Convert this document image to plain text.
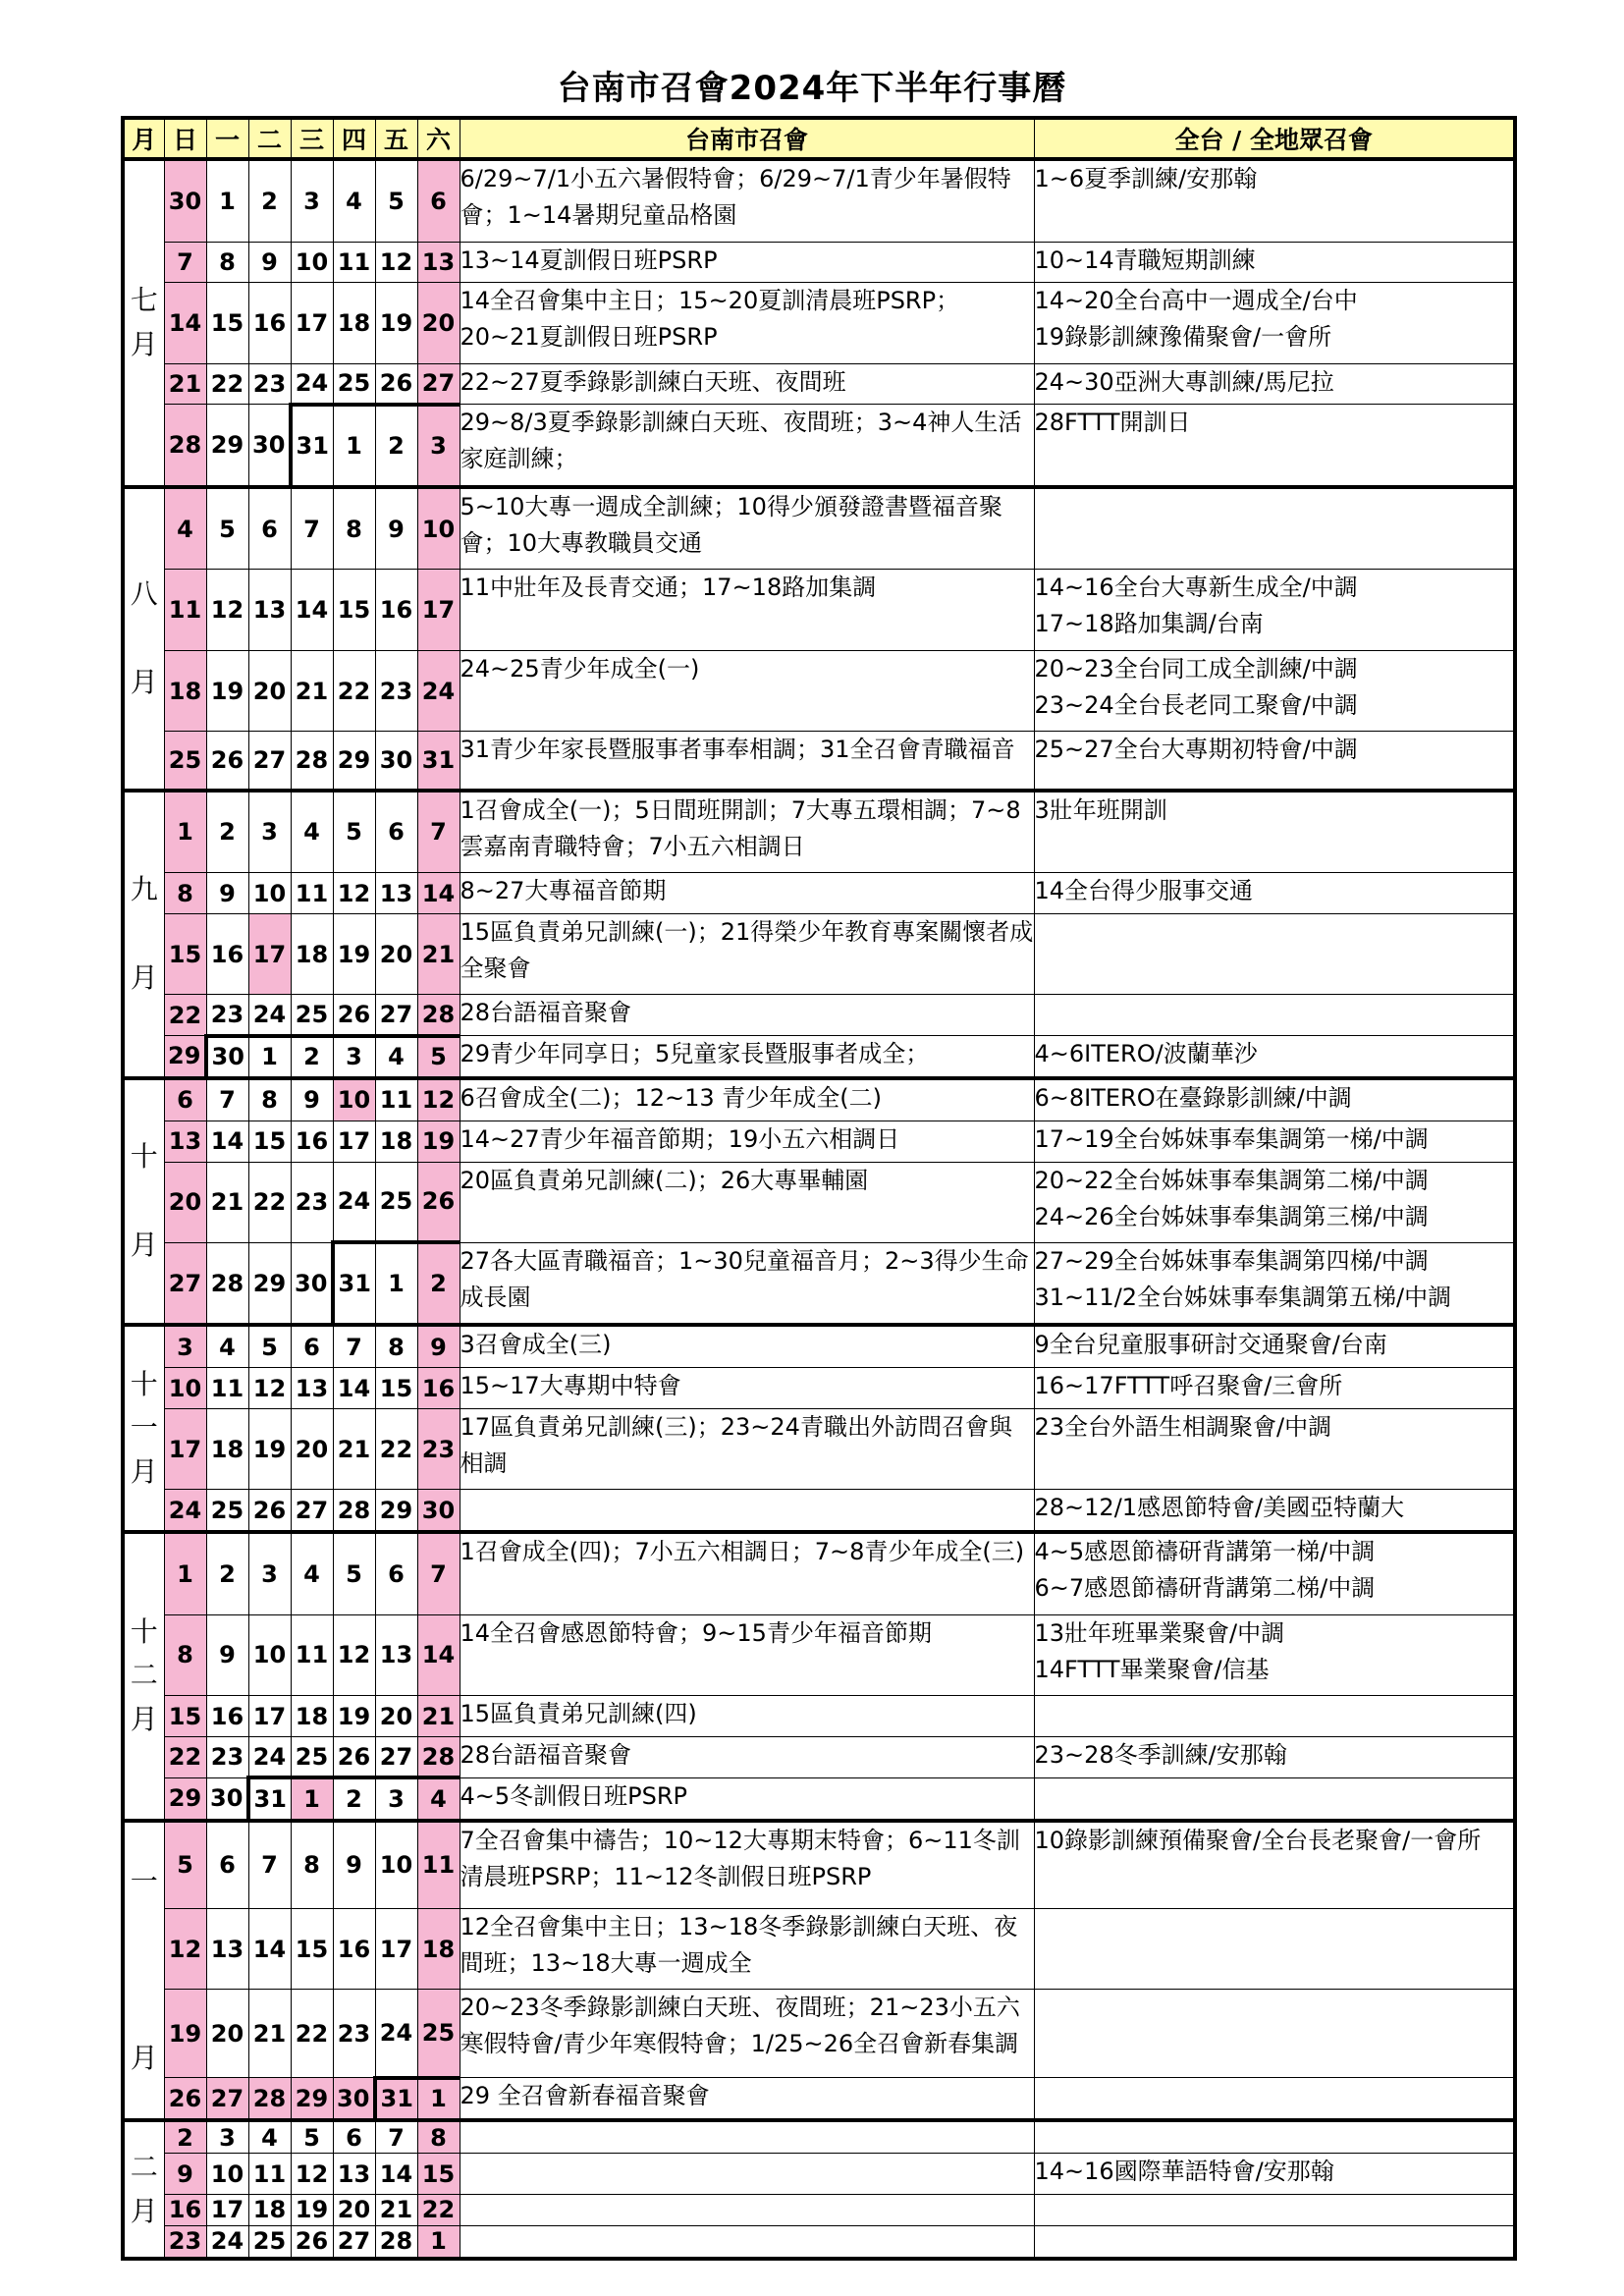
台南市召會2024年下半年行事曆
月	日	一	二	三	四	五	六	台南市召會	全台 / 全地眾召會
七
月	30	1	2	3	4	5	6	6/29~7/1小五六暑假特會；6/29~7/1青少年暑假特會；1~14暑期兒童品格園	1~6夏季訓練/安那翰
	7	8	9	10	11	12	13	13~14夏訓假日班PSRP	10~14青職短期訓練
	14	15	16	17	18	19	20	14全召會集中主日；15~20夏訓清晨班PSRP；20~21夏訓假日班PSRP	14~20全台高中一週成全/台中
19錄影訓練豫備聚會/一會所
	21	22	23	24	25	26	27	22~27夏季錄影訓練白天班、夜間班	24~30亞洲大專訓練/馬尼拉
	28	29	30	31	1	2	3	29~8/3夏季錄影訓練白天班、夜間班；3~4神人生活家庭訓練；	28FTTT開訓日
八

月	4	5	6	7	8	9	10	5~10大專一週成全訓練；10得少頒發證書暨福音聚會；10大專教職員交通	
	11	12	13	14	15	16	17	11中壯年及長青交通；17~18路加集調	14~16全台大專新生成全/中調
17~18路加集調/台南
	18	19	20	21	22	23	24	24~25青少年成全(一)	20~23全台同工成全訓練/中調
23~24全台長老同工聚會/中調
	25	26	27	28	29	30	31	31青少年家長暨服事者事奉相調；31全召會青職福音	25~27全台大專期初特會/中調
九

月	1	2	3	4	5	6	7	1召會成全(一)；5日間班開訓；7大專五環相調；7~8雲嘉南青職特會；7小五六相調日	3壯年班開訓
	8	9	10	11	12	13	14	8~27大專福音節期	14全台得少服事交通
	15	16	17	18	19	20	21	15區負責弟兄訓練(一)；21得榮少年教育專案關懷者成全聚會	
	22	23	24	25	26	27	28	28台語福音聚會	
	29	30	1	2	3	4	5	29青少年同享日；5兒童家長暨服事者成全；	4~6ITERO/波蘭華沙
十

月	6	7	8	9	10	11	12	6召會成全(二)；12~13 青少年成全(二)	6~8ITERO在臺錄影訓練/中調
	13	14	15	16	17	18	19	14~27青少年福音節期；19小五六相調日	17~19全台姊妹事奉集調第一梯/中調
	20	21	22	23	24	25	26	20區負責弟兄訓練(二)；26大專畢輔園	20~22全台姊妹事奉集調第二梯/中調
24~26全台姊妹事奉集調第三梯/中調
	27	28	29	30	31	1	2	27各大區青職福音；1~30兒童福音月；2~3得少生命成長園	27~29全台姊妹事奉集調第四梯/中調
31~11/2全台姊妹事奉集調第五梯/中調
十
一
月	3	4	5	6	7	8	9	3召會成全(三)	9全台兒童服事研討交通聚會/台南
	10	11	12	13	14	15	16	15~17大專期中特會	16~17FTTT呼召聚會/三會所
	17	18	19	20	21	22	23	17區負責弟兄訓練(三)；23~24青職出外訪問召會與相調	23全台外語生相調聚會/中調
	24	25	26	27	28	29	30		28~12/1感恩節特會/美國亞特蘭大
十
二
月	1	2	3	4	5	6	7	1召會成全(四)；7小五六相調日；7~8青少年成全(三)	4~5感恩節禱研背講第一梯/中調
6~7感恩節禱研背講第二梯/中調
	8	9	10	11	12	13	14	14全召會感恩節特會；9~15青少年福音節期	13壯年班畢業聚會/中調
14FTTT畢業聚會/信基
	15	16	17	18	19	20	21	15區負責弟兄訓練(四)	
	22	23	24	25	26	27	28	28台語福音聚會	23~28冬季訓練/安那翰
	29	30	31	1	2	3	4	4~5冬訓假日班PSRP	
一

月	5	6	7	8	9	10	11	7全召會集中禱告；10~12大專期末特會；6~11冬訓清晨班PSRP；11~12冬訓假日班PSRP	10錄影訓練預備聚會/全台長老聚會/一會所
	12	13	14	15	16	17	18	12全召會集中主日；13~18冬季錄影訓練白天班、夜間班；13~18大專一週成全	
	19	20	21	22	23	24	25	20~23冬季錄影訓練白天班、夜間班；21~23小五六寒假特會/青少年寒假特會；1/25~26全召會新春集調	
	26	27	28	29	30	31	1	29 全召會新春福音聚會	
二
月	2	3	4	5	6	7	8		
	9	10	11	12	13	14	15		14~16國際華語特會/安那翰
	16	17	18	19	20	21	22		
	23	24	25	26	27	28	1		
